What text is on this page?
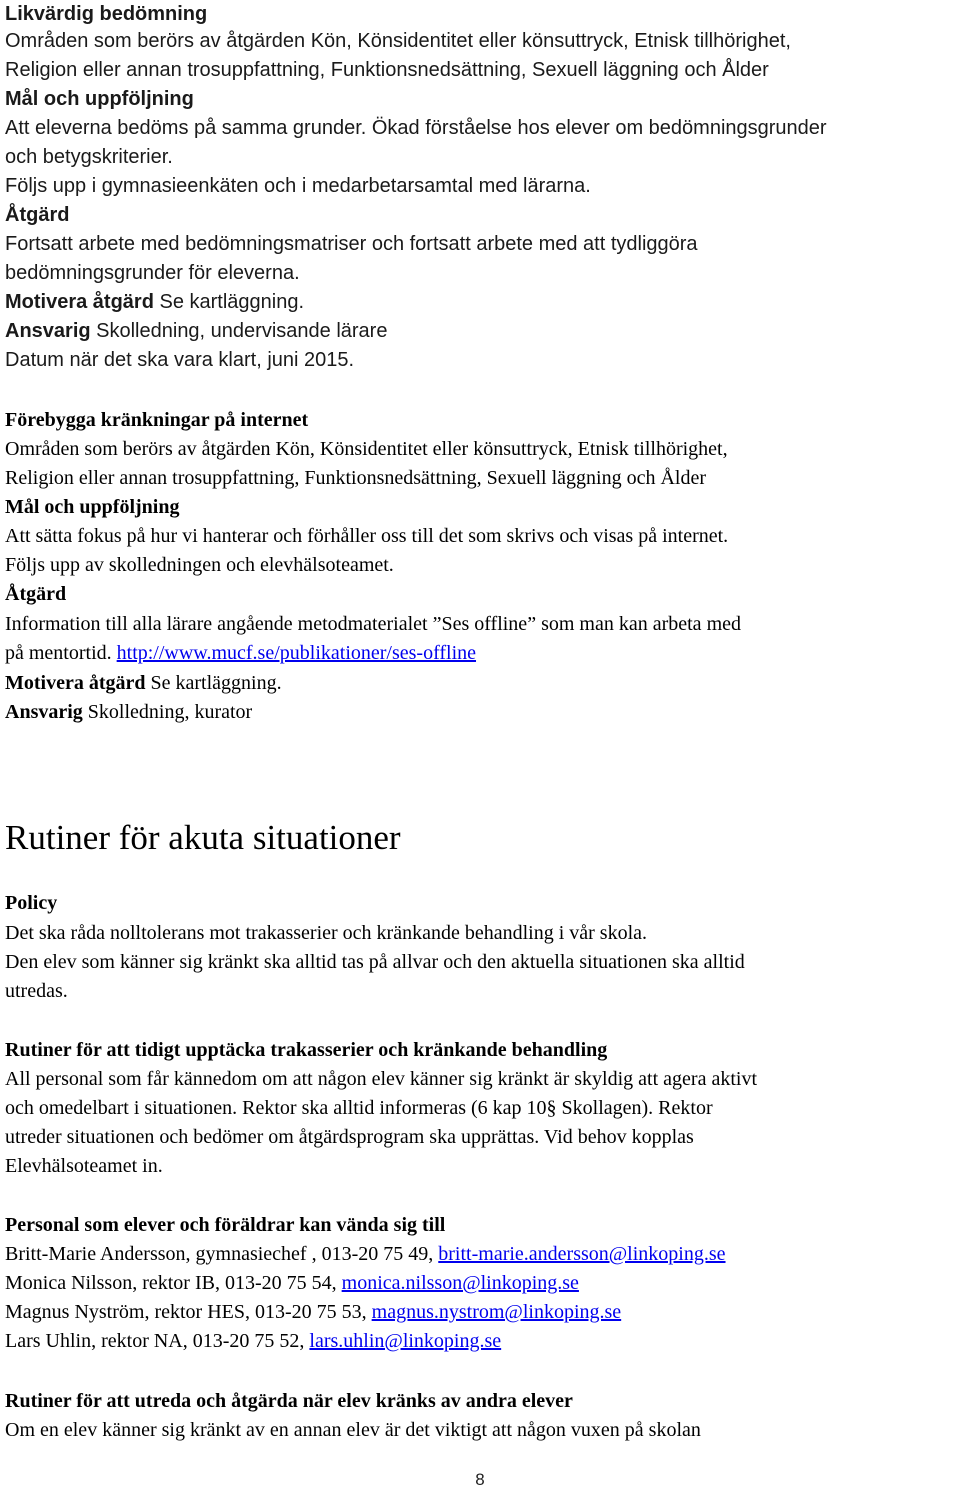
Likvärdig bedömning
Områden som berörs av åtgärden Kön, Könsidentitet eller könsuttryck, Etnisk tillhörighet,
Religion eller annan trosuppfattning, Funktionsnedsättning, Sexuell läggning och Ålder
Mål och uppföljning
Att eleverna bedöms på samma grunder. Ökad förståelse hos elever om bedömningsgrunder
och betygskriterier.
Följs upp i gymnasieenkäten och i medarbetarsamtal med lärarna.
Åtgärd
Fortsatt arbete med bedömningsmatriser och fortsatt arbete med att tydliggöra
bedömningsgrunder för eleverna.
Motivera åtgärd Se kartläggning.
Ansvarig Skolledning, undervisande lärare
Datum när det ska vara klart, juni 2015.
Förebygga kränkningar på internet
Områden som berörs av åtgärden Kön, Könsidentitet eller könsuttryck, Etnisk tillhörighet,
Religion eller annan trosuppfattning, Funktionsnedsättning, Sexuell läggning och Ålder
Mål och uppföljning
Att sätta fokus på hur vi hanterar och förhåller oss till det som skrivs och visas på internet.
Följs upp av skolledningen och elevhälsoteamet.
Åtgärd
Information till alla lärare angående metodmaterialet ”Ses offline” som man kan arbeta med
på mentortid. http://www.mucf.se/publikationer/ses-offline
Motivera åtgärd Se kartläggning.
Ansvarig Skolledning, kurator
Rutiner för akuta situationer
Policy
Det ska råda nolltolerans mot trakasserier och kränkande behandling i vår skola.
Den elev som känner sig kränkt ska alltid tas på allvar och den aktuella situationen ska alltid
utredas.
Rutiner för att tidigt upptäcka trakasserier och kränkande behandling
All personal som får kännedom om att någon elev känner sig kränkt är skyldig att agera aktivt
och omedelbart i situationen. Rektor ska alltid informeras (6 kap 10§ Skollagen). Rektor
utreder situationen och bedömer om åtgärdsprogram ska upprättas. Vid behov kopplas
Elevhälsoteamet in.
Personal som elever och föräldrar kan vända sig till
Britt-Marie Andersson, gymnasiechef , 013-20 75 49, britt-marie.andersson@linkoping.se
Monica Nilsson, rektor IB, 013-20 75 54, monica.nilsson@linkoping.se
Magnus Nyström, rektor HES, 013-20 75 53, magnus.nystrom@linkoping.se
Lars Uhlin, rektor NA, 013-20 75 52, lars.uhlin@linkoping.se
Rutiner för att utreda och åtgärda när elev kränks av andra elever
Om en elev känner sig kränkt av en annan elev är det viktigt att någon vuxen på skolan
8
